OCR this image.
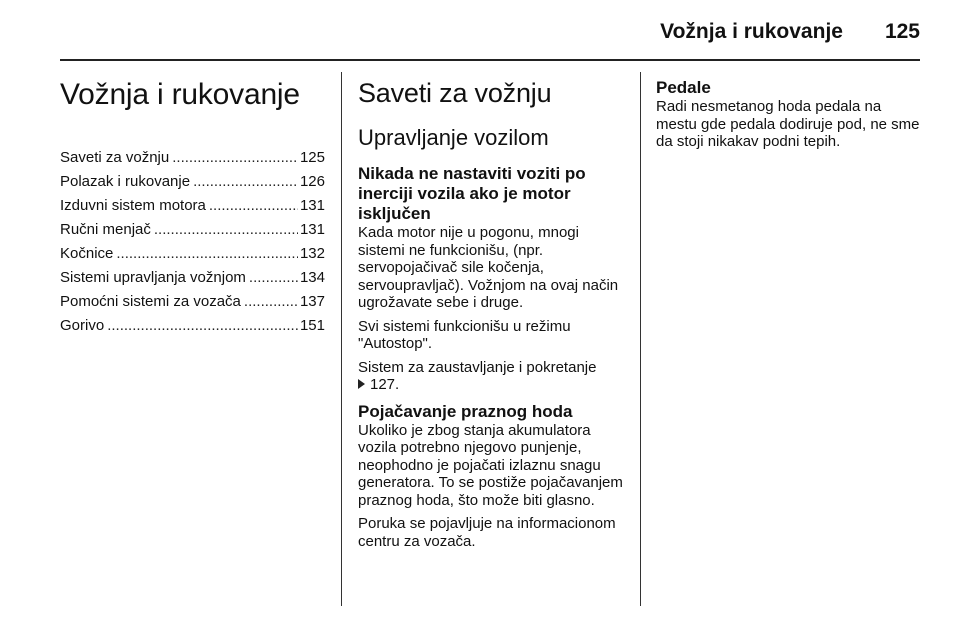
Vožnja i rukovanje 125
Vožnja i rukovanje
Saveti za vožnju .....	125
Polazak i rukovanje .....	126
Izduvni sistem motora .....	131
Ručni menjač .....	131
Kočnice .....	132
Sistemi upravljanja vožnjom .....	134
Pomoćni sistemi za vozača .....	137
Gorivo .....	151
Saveti za vožnju
Upravljanje vozilom
Nikada ne nastaviti voziti po inerciji vozila ako je motor isključen

Kada motor nije u pogonu, mnogi sistemi ne funkcionišu, (npr. servopojačivač sile kočenja, servoupravljač). Vožnjom na ovaj način ugrožavate sebe i druge.

Svi sistemi funkcionišu u režimu "Autostop".

Sistem za zaustavljanje i pokretanje
127.

Pojačavanje praznog hoda

Ukoliko je zbog stanja akumulatora vozila potrebno njegovo punjenje, neophodno je pojačati izlaznu snagu generatora. To se postiže pojačavanjem praznog hoda, što može biti glasno.

Poruka se pojavljuje na informacionom centru za vozača.

Pedale

Radi nesmetanog hoda pedala na mestu gde pedala dodiruje pod, ne sme da stoji nikakav podni tepih.
